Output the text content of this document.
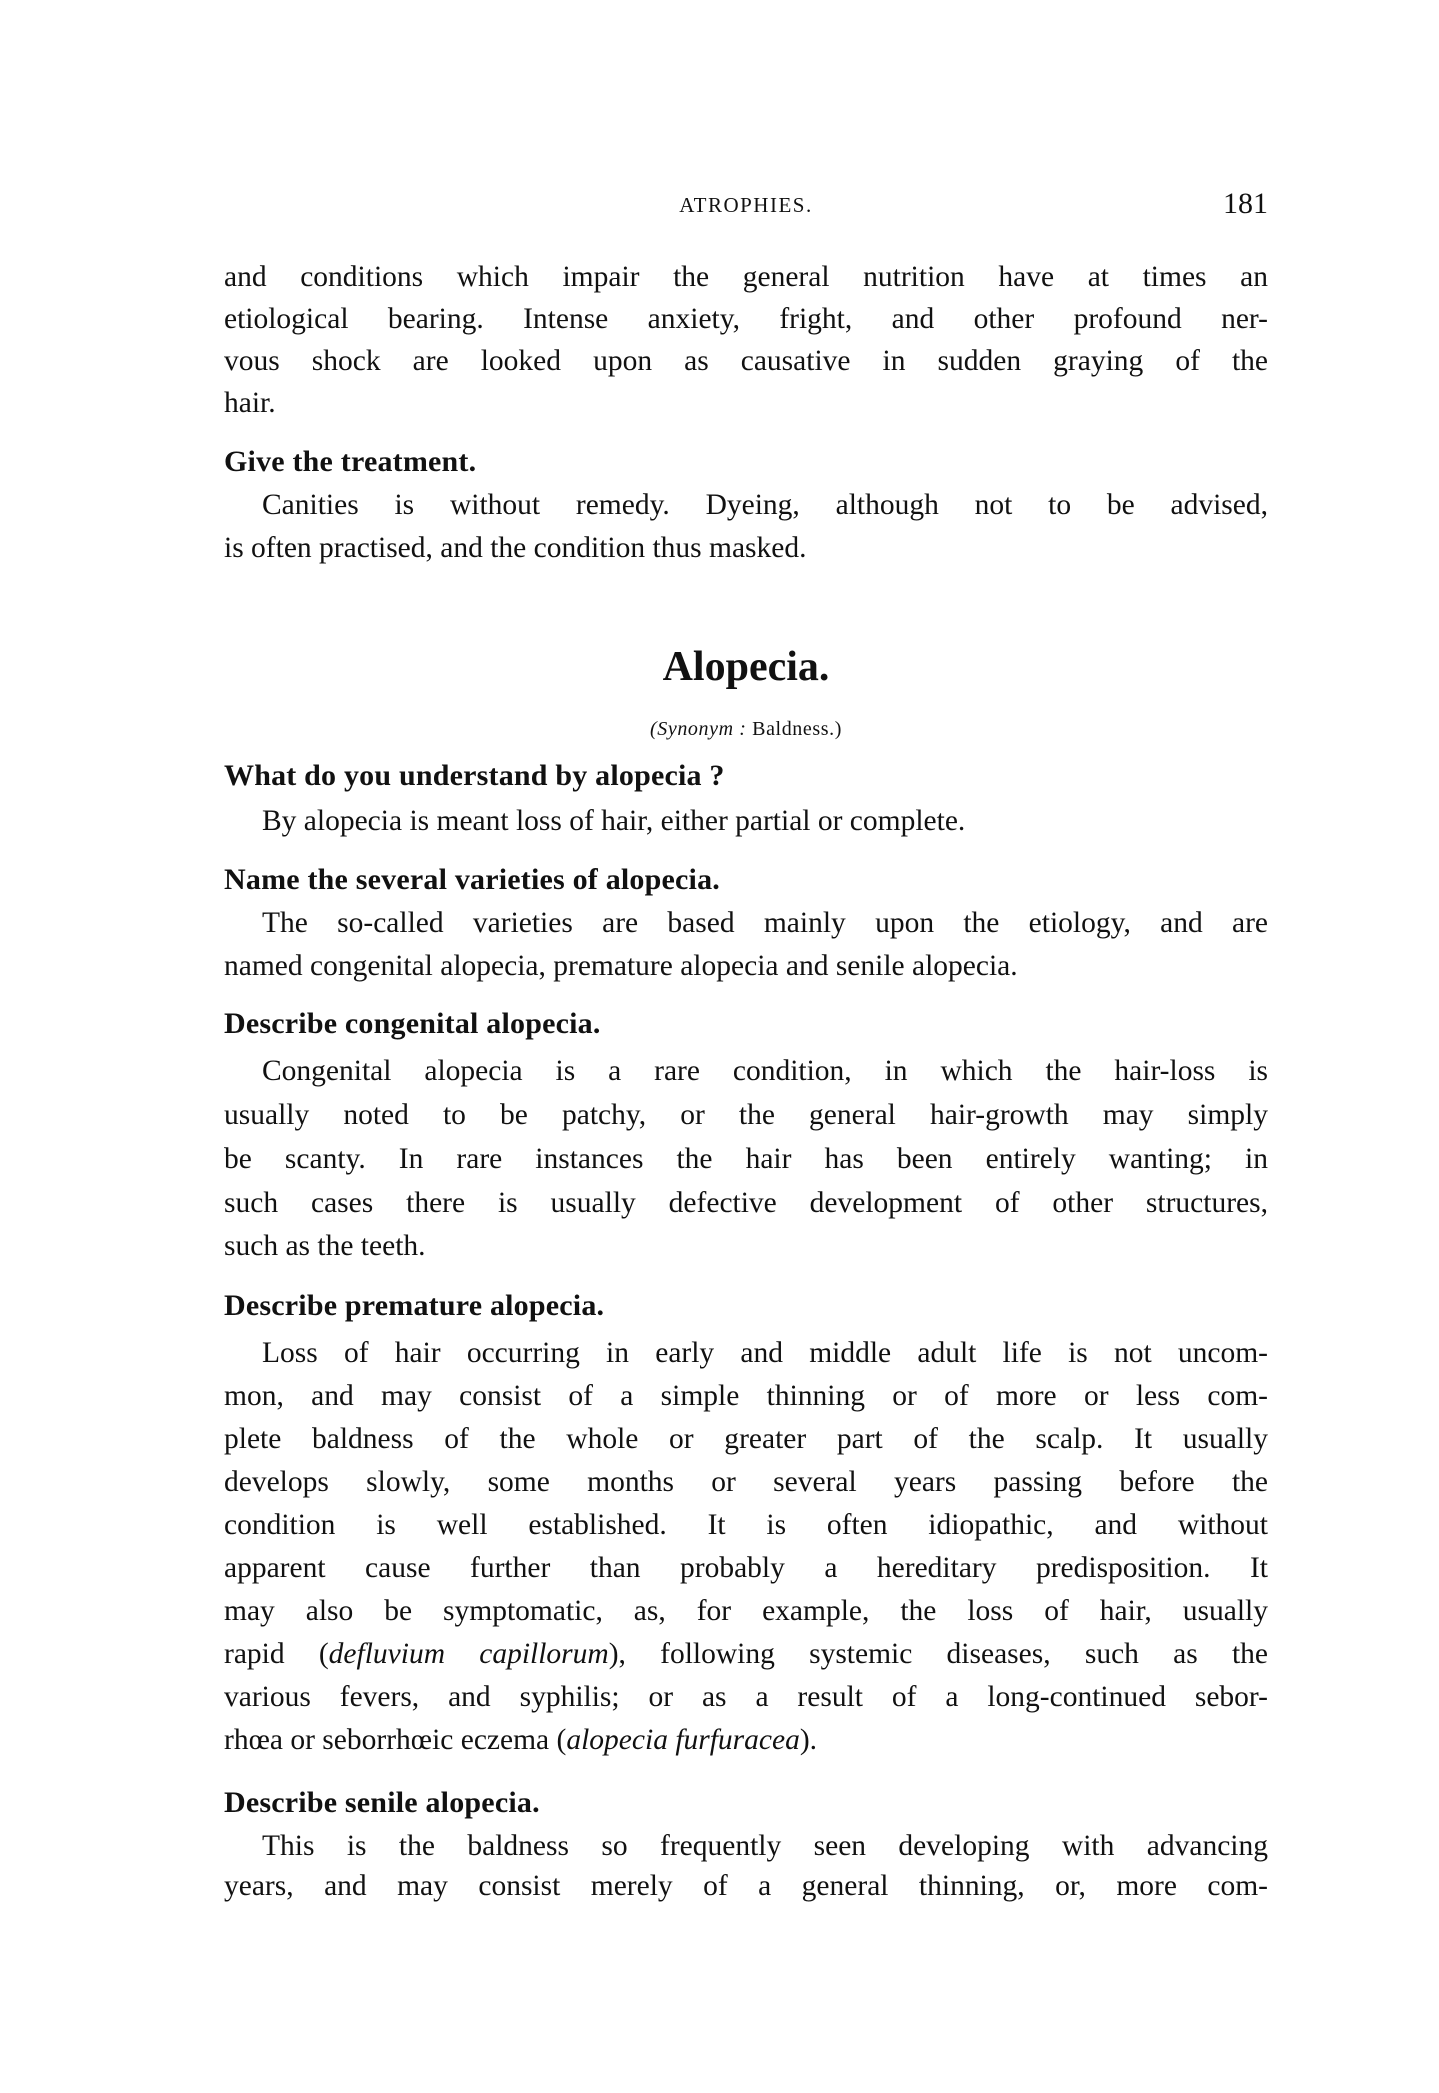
ATROPHIES.	181
and conditions which impair the general nutrition have at times an
etiological bearing. Intense anxiety, fright, and other profound ner-
vous shock are looked upon as causative in sudden graying of the
hair.
Give the treatment.
Canities is without remedy. Dyeing, although not to be advised,
is often practised, and the condition thus masked.
Alopecia.
(Synonym : Baldness.)
What do you understand by alopecia ?
By alopecia is meant loss of hair, either partial or complete.
Name the several varieties of alopecia.
The so-called varieties are based mainly upon the etiology, and are
named congenital alopecia, premature alopecia and senile alopecia.
Describe congenital alopecia.
Congenital alopecia is a rare condition, in which the hair-loss is
usually noted to be patchy, or the general hair-growth may simply
be scanty. In rare instances the hair has been entirely wanting; in
such cases there is usually defective development of other structures,
such as the teeth.
Describe premature alopecia.
Loss of hair occurring in early and middle adult life is not uncom-
mon, and may consist of a simple thinning or of more or less com-
plete baldness of the whole or greater part of the scalp. It usually
develops slowly, some months or several years passing before the
condition is well established. It is often idiopathic, and without
apparent cause further than probably a hereditary predisposition. It
may also be symptomatic, as, for example, the loss of hair, usually
rapid (defluvium capillorum), following systemic diseases, such as the
various fevers, and syphilis; or as a result of a long-continued sebor-
rhœa or seborrhœic eczema (alopecia furfuracea).
Describe senile alopecia.
This is the baldness so frequently seen developing with advancing
years, and may consist merely of a general thinning, or, more com-
